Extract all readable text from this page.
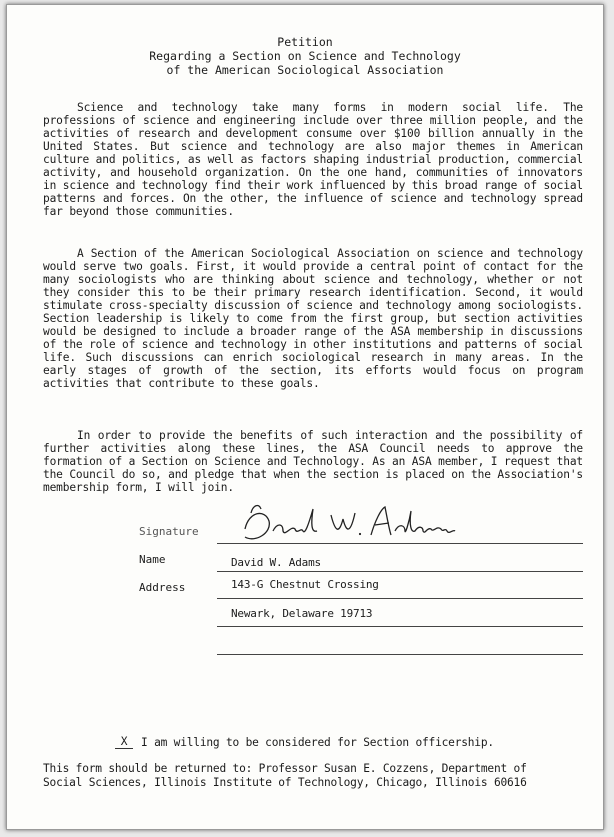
Petition
Regarding a Section on Science and Technology
of the American Sociological Association
Science and technology take many forms in modern social life. The professions of science and engineering include over three million people, and the activities of research and development consume over $100 billion annually in the United States. But science and technology are also major themes in American culture and politics, as well as factors shaping industrial production, commercial activity, and household organization. On the one hand, communities of innovators in science and technology find their work influenced by this broad range of social patterns and forces. On the other, the influence of science and technology spread far beyond those communities.
A Section of the American Sociological Association on science and technology would serve two goals. First, it would provide a central point of contact for the many sociologists who are thinking about science and technology, whether or not they consider this to be their primary research identification. Second, it would stimulate cross-specialty discussion of science and technology among sociologists. Section leadership is likely to come from the first group, but section activities would be designed to include a broader range of the ASA membership in discussions of the role of science and technology in other institutions and patterns of social life. Such discussions can enrich sociological research in many areas. In the early stages of growth of the section, its efforts would focus on program activities that contribute to these goals.
In order to provide the benefits of such interaction and the possibility of further activities along these lines, the ASA Council needs to approve the formation of a Section on Science and Technology. As an ASA member, I request that the Council do so, and pledge that when the section is placed on the Association's membership form, I will join.
Signature
Name	David W. Adams
Address	143-G Chestnut Crossing
Newark, Delaware 19713
X	I am willing to be considered for Section officership.
This form should be returned to: Professor Susan E. Cozzens, Department of
Social Sciences, Illinois Institute of Technology, Chicago, Illinois 60616
